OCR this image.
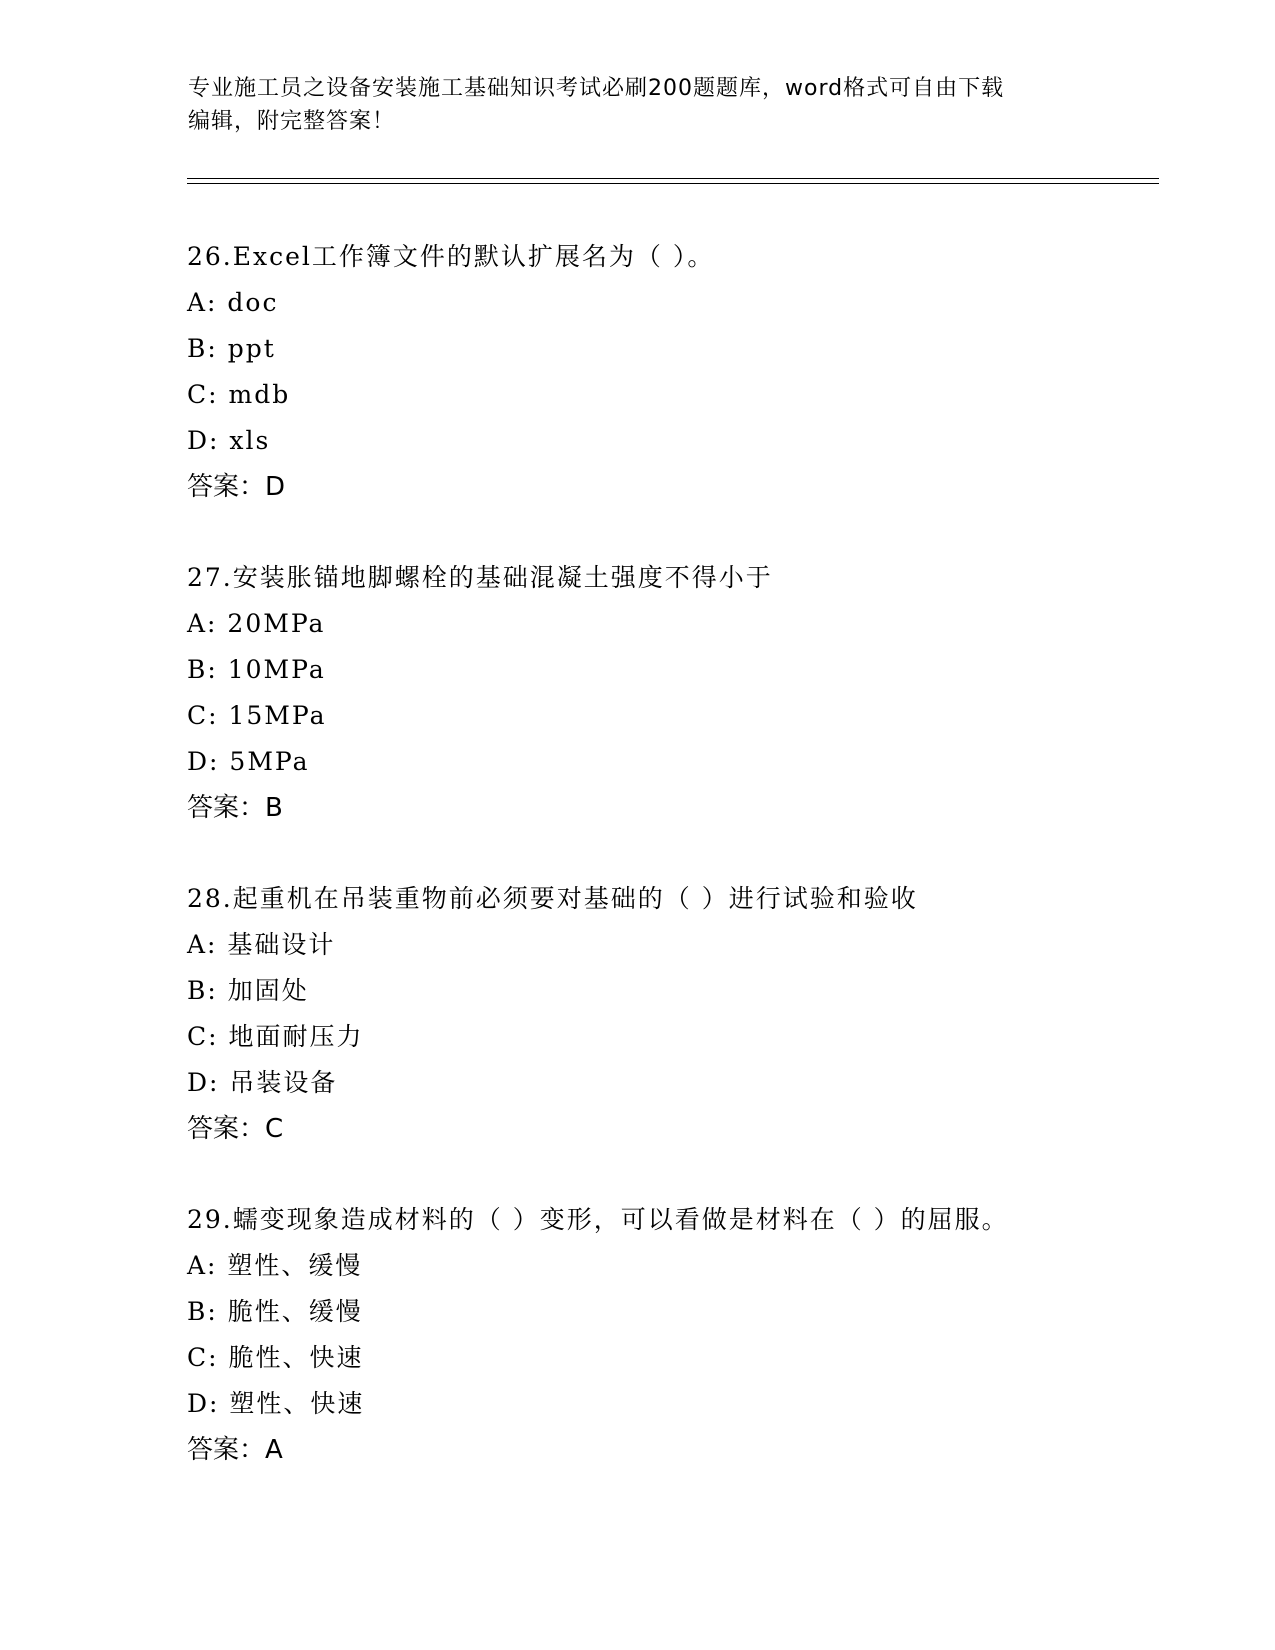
专业施工员之设备安装施工基础知识考试必刷200题题库，word格式可自由下载
编辑，附完整答案！
26.Excel工作簿文件的默认扩展名为（ ）。
A: doc
B: ppt
C: mdb
D: xls
答案：D
27.安装胀锚地脚螺栓的基础混凝土强度不得小于
A: 20MPa
B: 10MPa
C: 15MPa
D: 5MPa
答案：B
28.起重机在吊装重物前必须要对基础的（ ）进行试验和验收
A: 基础设计
B: 加固处
C: 地面耐压力
D: 吊装设备
答案：C
29.蠕变现象造成材料的（ ）变形，可以看做是材料在（ ）的屈服。
A: 塑性、缓慢
B: 脆性、缓慢
C: 脆性、快速
D: 塑性、快速
答案：A
